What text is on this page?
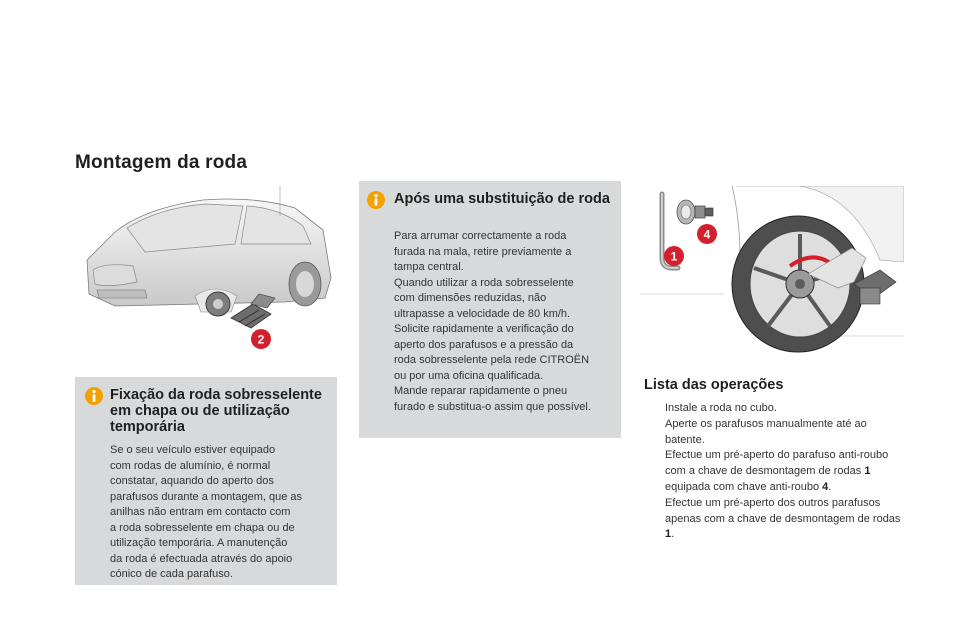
Montagem da roda
2
Fixação da roda sobresselente em chapa ou de utilização temporária
Se o seu veículo estiver equipado
com rodas de alumínio, é normal
constatar, aquando do aperto dos
parafusos durante a montagem, que as
anilhas não entram em contacto com
a roda sobresselente em chapa ou de
utilização temporária. A manutenção
da roda é efectuada através do apoio
cónico de cada parafuso.
Após uma substituição de roda
Para arrumar correctamente a roda
furada na mala, retire previamente a
tampa central.
Quando utilizar a roda sobresselente
com dimensões reduzidas, não
ultrapasse a velocidade de 80 km/h.
Solicite rapidamente a verificação do
aperto dos parafusos e a pressão da
roda sobresselente pela rede CITROËN
ou por uma oficina qualificada.
Mande reparar rapidamente o pneu
furado e substitua-o assim que possível.
4
1
Lista das operações
Instale a roda no cubo.
Aperte os parafusos manualmente até ao batente.
Efectue um pré-aperto do parafuso anti-roubo com a chave de desmontagem de rodas 1 equipada com chave anti-roubo 4.
Efectue um pré-aperto dos outros parafusos apenas com a chave de desmontagem de rodas 1.
